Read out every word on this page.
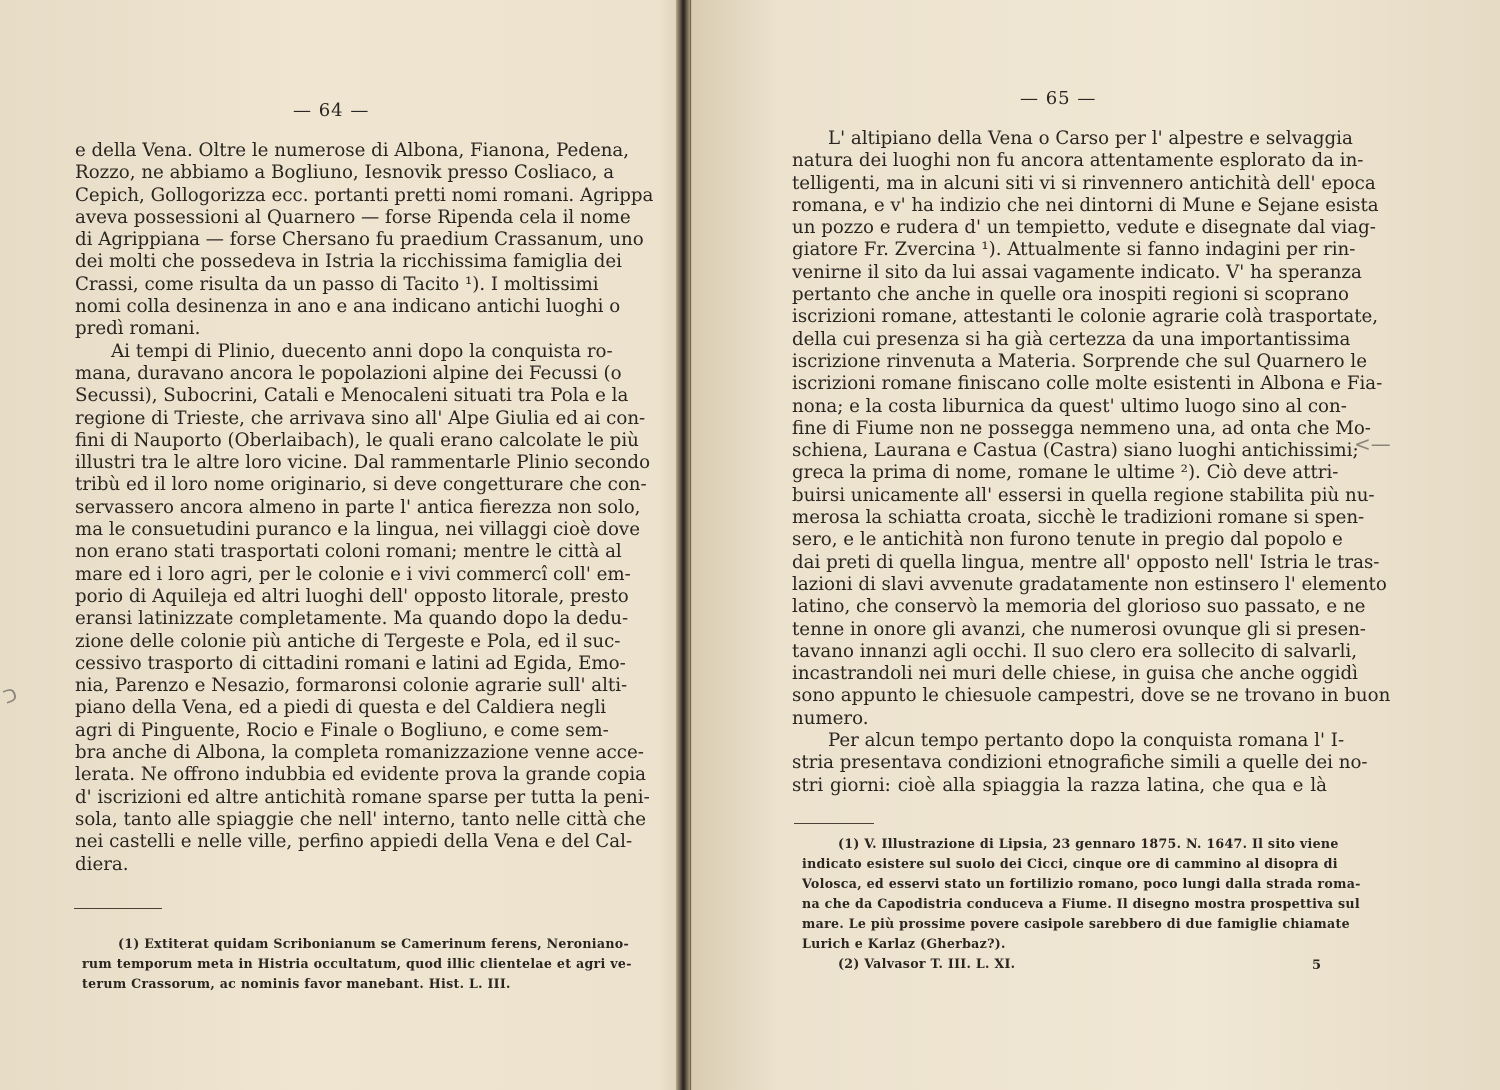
— 64 —
e della Vena. Oltre le numerose di Albona, Fianona, Pedena,
Rozzo, ne abbiamo a Bogliuno, Iesnovik presso Cosliaco, a
Cepich, Gollogorizza ecc. portanti pretti nomi romani. Agrippa
aveva possessioni al Quarnero — forse Ripenda cela il nome
di Agrippiana — forse Chersano fu praedium Crassanum, uno
dei molti che possedeva in Istria la ricchissima famiglia dei
Crassi, come risulta da un passo di Tacito ¹). I moltissimi
nomi colla desinenza in ano e ana indicano antichi luoghi o
predì romani.
Ai tempi di Plinio, duecento anni dopo la conquista ro-
mana, duravano ancora le popolazioni alpine dei Fecussi (o
Secussi), Subocrini, Catali e Menocaleni situati tra Pola e la
regione di Trieste, che arrivava sino all' Alpe Giulia ed ai con-
fini di Nauporto (Oberlaibach), le quali erano calcolate le più
illustri tra le altre loro vicine. Dal rammentarle Plinio secondo
tribù ed il loro nome originario, si deve congetturare che con-
servassero ancora almeno in parte l' antica fierezza non solo,
ma le consuetudini puranco e la lingua, nei villaggi cioè dove
non erano stati trasportati coloni romani; mentre le città al
mare ed i loro agri, per le colonie e i vivi commercî coll' em-
porio di Aquileja ed altri luoghi dell' opposto litorale, presto
eransi latinizzate completamente. Ma quando dopo la dedu-
zione delle colonie più antiche di Tergeste e Pola, ed il suc-
cessivo trasporto di cittadini romani e latini ad Egida, Emo-
nia, Parenzo e Nesazio, formaronsi colonie agrarie sull' alti-
piano della Vena, ed a piedi di questa e del Caldiera negli
agri di Pinguente, Rocio e Finale o Bogliuno, e come sem-
bra anche di Albona, la completa romanizzazione venne acce-
lerata. Ne offrono indubbia ed evidente prova la grande copia
d' iscrizioni ed altre antichità romane sparse per tutta la peni-
sola, tanto alle spiaggie che nell' interno, tanto nelle città che
nei castelli e nelle ville, perfino appiedi della Vena e del Cal-
diera.
(1) Extiterat quidam Scribonianum se Camerinum ferens, Neroniano-
rum temporum meta in Histria occultatum, quod illic clientelae et agri ve-
terum Crassorum, ac nominis favor manebant. Hist. L. III.
ᑐ
— 65 —
L' altipiano della Vena o Carso per l' alpestre e selvaggia
natura dei luoghi non fu ancora attentamente esplorato da in-
telligenti, ma in alcuni siti vi si rinvennero antichità dell' epoca
romana, e v' ha indizio che nei dintorni di Mune e Sejane esista
un pozzo e rudera d' un tempietto, vedute e disegnate dal viag-
giatore Fr. Zvercina ¹). Attualmente si fanno indagini per rin-
venirne il sito da lui assai vagamente indicato. V' ha speranza
pertanto che anche in quelle ora inospiti regioni si scoprano
iscrizioni romane, attestanti le colonie agrarie colà trasportate,
della cui presenza si ha già certezza da una importantissima
iscrizione rinvenuta a Materia. Sorprende che sul Quarnero le
iscrizioni romane finiscano colle molte esistenti in Albona e Fia-
nona; e la costa liburnica da quest' ultimo luogo sino al con-
fine di Fiume non ne possegga nemmeno una, ad onta che Mo-
schiena, Laurana e Castua (Castra) siano luoghi antichissimi;
greca la prima di nome, romane le ultime ²). Ciò deve attri-
buirsi unicamente all' essersi in quella regione stabilita più nu-
merosa la schiatta croata, sicchè le tradizioni romane si spen-
sero, e le antichità non furono tenute in pregio dal popolo e
dai preti di quella lingua, mentre all' opposto nell' Istria le tras-
lazioni di slavi avvenute gradatamente non estinsero l' elemento
latino, che conservò la memoria del glorioso suo passato, e ne
tenne in onore gli avanzi, che numerosi ovunque gli si presen-
tavano innanzi agli occhi. Il suo clero era sollecito di salvarli,
incastrandoli nei muri delle chiese, in guisa che anche oggidì
sono appunto le chiesuole campestri, dove se ne trovano in buon
numero.
Per alcun tempo pertanto dopo la conquista romana l' I-
stria presentava condizioni etnografiche simili a quelle dei no-
stri giorni: cioè alla spiaggia la razza latina, che qua e là
(1) V. Illustrazione di Lipsia, 23 gennaro 1875. N. 1647. Il sito viene
indicato esistere sul suolo dei Cicci, cinque ore di cammino al disopra di
Volosca, ed esservi stato un fortilizio romano, poco lungi dalla strada roma-
na che da Capodistria conduceva a Fiume. Il disegno mostra prospettiva sul
mare. Le più prossime povere casipole sarebbero di due famiglie chiamate
Lurich e Karlaz (Gherbaz?).
(2) Valvasor T. III. L. XI.	5
<—
